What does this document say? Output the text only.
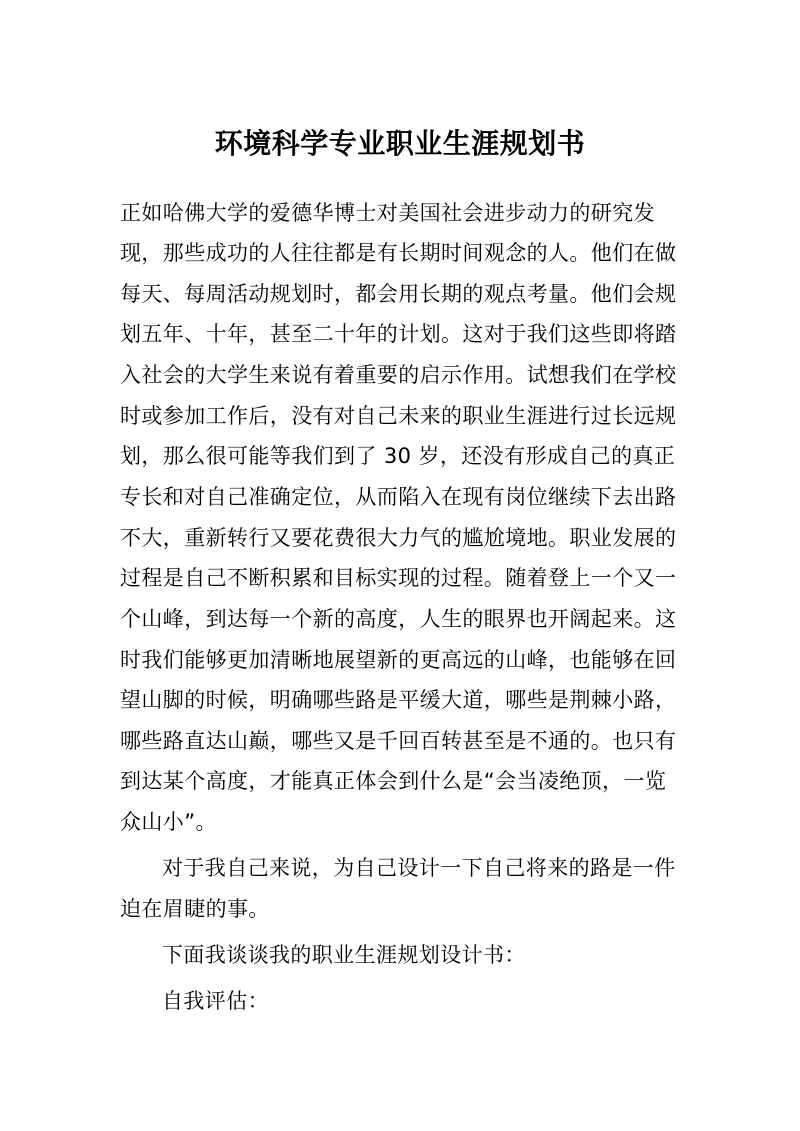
环境科学专业职业生涯规划书
正如哈佛大学的爱德华博士对美国社会进步动力的研究发
现，那些成功的人往往都是有长期时间观念的人。他们在做
每天、每周活动规划时，都会用长期的观点考量。他们会规
划五年、十年，甚至二十年的计划。这对于我们这些即将踏
入社会的大学生来说有着重要的启示作用。试想我们在学校
时或参加工作后，没有对自己未来的职业生涯进行过长远规
划，那么很可能等我们到了 30 岁，还没有形成自己的真正
专长和对自己准确定位，从而陷入在现有岗位继续下去出路
不大，重新转行又要花费很大力气的尴尬境地。职业发展的
过程是自己不断积累和目标实现的过程。随着登上一个又一
个山峰，到达每一个新的高度，人生的眼界也开阔起来。这
时我们能够更加清晰地展望新的更高远的山峰，也能够在回
望山脚的时候，明确哪些路是平缓大道，哪些是荆棘小路，
哪些路直达山巅，哪些又是千回百转甚至是不通的。也只有
到达某个高度，才能真正体会到什么是“会当凌绝顶，一览
众山小”。
对于我自己来说，为自己设计一下自己将来的路是一件
迫在眉睫的事。
下面我谈谈我的职业生涯规划设计书：
自我评估：
